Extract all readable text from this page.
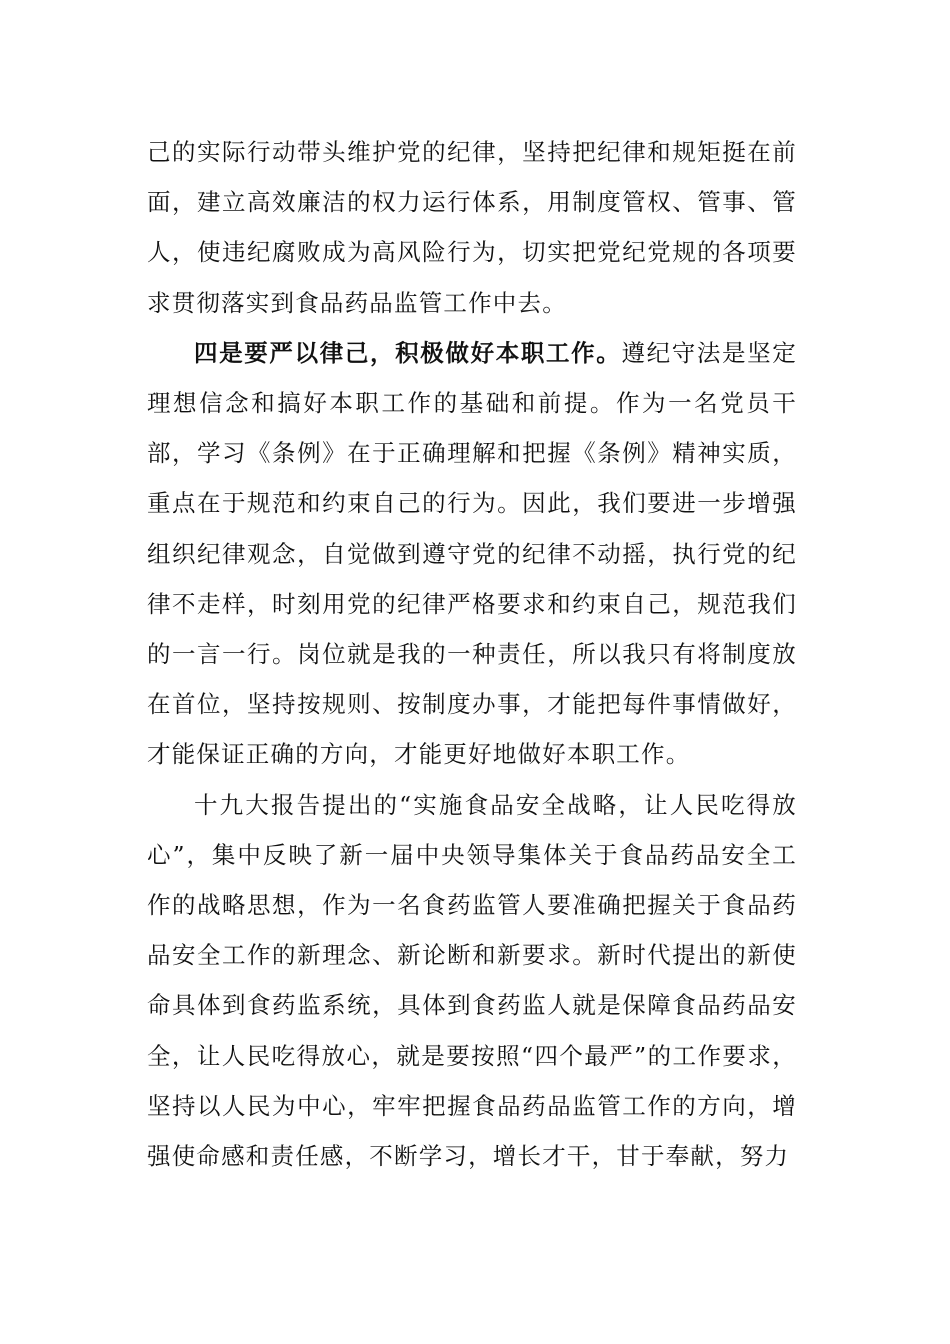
己的实际行动带头维护党的纪律，坚持把纪律和规矩挺在前面，建立高效廉洁的权力运行体系，用制度管权、管事、管人，使违纪腐败成为高风险行为，切实把党纪党规的各项要求贯彻落实到食品药品监管工作中去。

四是要严以律己，积极做好本职工作。遵纪守法是坚定理想信念和搞好本职工作的基础和前提。作为一名党员干部，学习《条例》在于正确理解和把握《条例》精神实质，重点在于规范和约束自己的行为。因此，我们要进一步增强组织纪律观念，自觉做到遵守党的纪律不动摇，执行党的纪律不走样，时刻用党的纪律严格要求和约束自己，规范我们的一言一行。岗位就是我的一种责任，所以我只有将制度放在首位，坚持按规则、按制度办事，才能把每件事情做好，才能保证正确的方向，才能更好地做好本职工作。

十九大报告提出的“实施食品安全战略，让人民吃得放心”，集中反映了新一届中央领导集体关于食品药品安全工作的战略思想，作为一名食药监管人要准确把握关于食品药品安全工作的新理念、新论断和新要求。新时代提出的新使命具体到食药监系统，具体到食药监人就是保障食品药品安全，让人民吃得放心，就是要按照“四个最严”的工作要求，坚持以人民为中心，牢牢把握食品药品监管工作的方向，增强使命感和责任感，不断学习，增长才干，甘于奉献，努力
